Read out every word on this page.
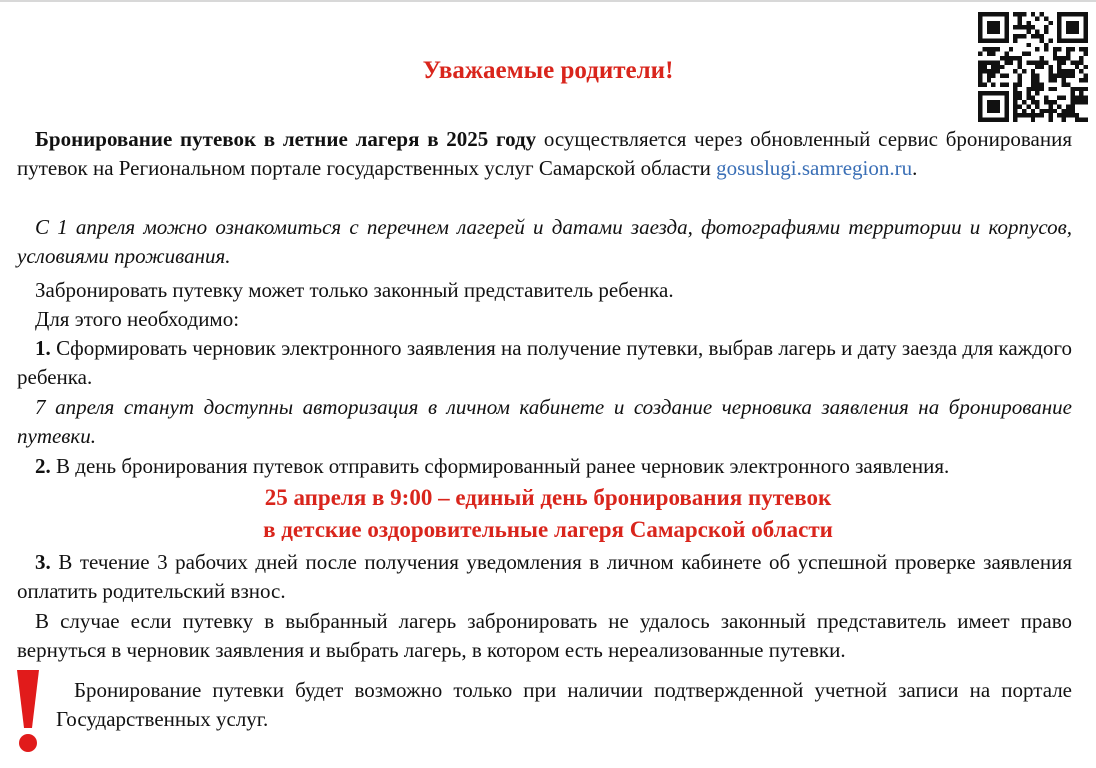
Уважаемые родители!

Бронирование путевок в летние лагеря в 2025 году осуществляется через обновленный сервис бронирования путевок на Региональном портале государственных услуг Самарской области gosuslugi.samregion.ru.

С 1 апреля можно ознакомиться с перечнем лагерей и датами заезда, фотографиями территории и корпусов, условиями проживания.

Забронировать путевку может только законный представитель ребенка.

Для этого необходимо:

1. Сформировать черновик электронного заявления на получение путевки, выбрав лагерь и дату заезда для каждого ребенка.

7 апреля станут доступны авторизация в личном кабинете и создание черновика заявления на бронирование путевки.

2. В день бронирования путевок отправить сформированный ранее черновик электронного заявления.

25 апреля в 9:00 – единый день бронирования путевок
в детские оздоровительные лагеря Самарской области

3. В течение 3 рабочих дней после получения уведомления в личном кабинете об успешной проверке заявления оплатить родительский взнос.

В случае если путевку в выбранный лагерь забронировать не удалось законный представитель имеет право вернуться в черновик заявления и выбрать лагерь, в котором есть нереализованные путевки.

Бронирование путевки будет возможно только при наличии подтвержденной учетной записи на портале Государственных услуг.
